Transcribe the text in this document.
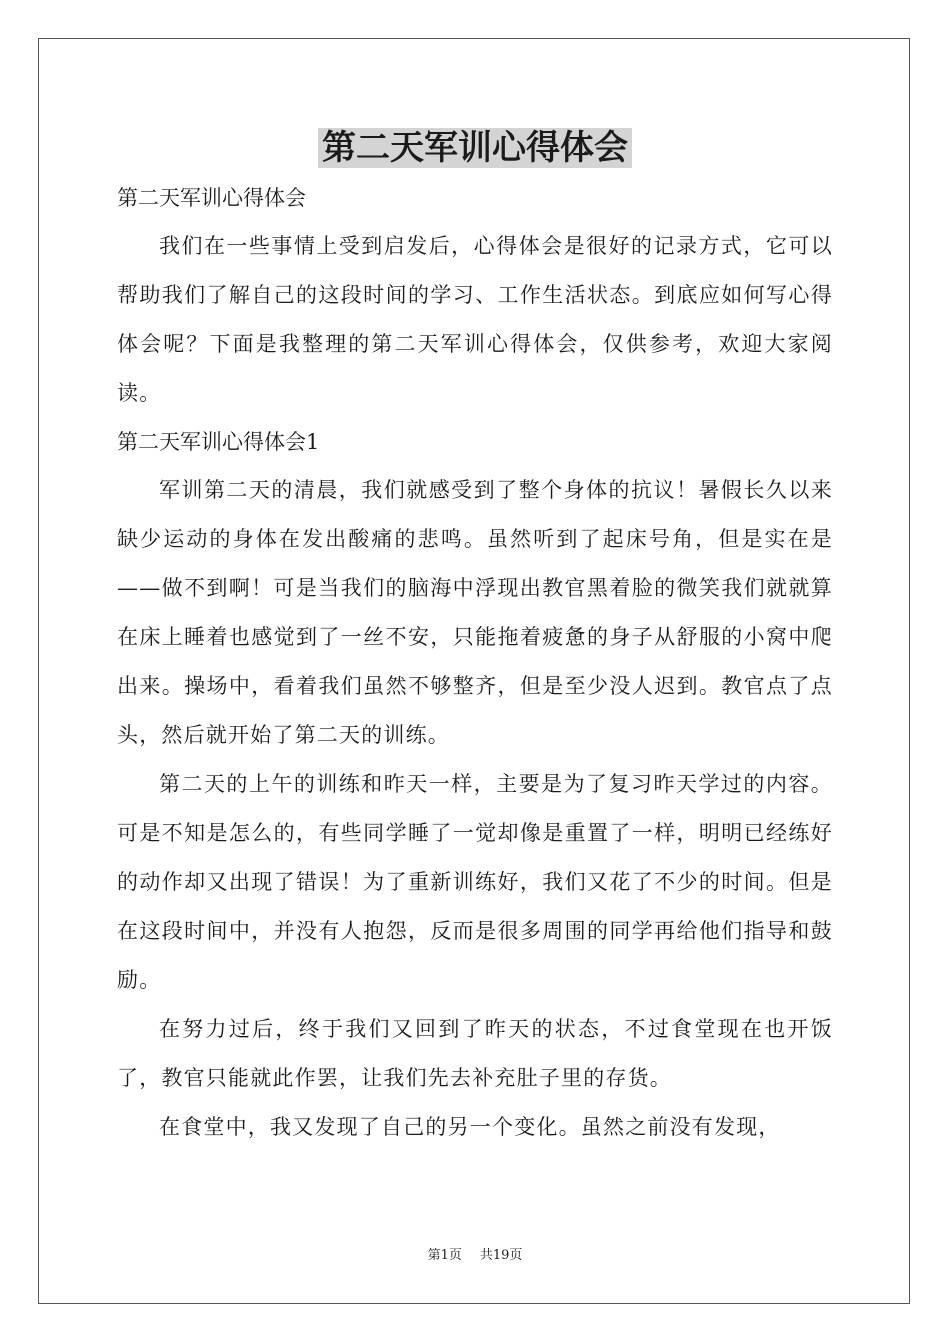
第二天军训心得体会

第二天军训心得体会

我们在一些事情上受到启发后，心得体会是很好的记录方式，它可以帮助我们了解自己的这段时间的学习、工作生活状态。到底应如何写心得体会呢？下面是我整理的第二天军训心得体会，仅供参考，欢迎大家阅读。

第二天军训心得体会1

军训第二天的清晨，我们就感受到了整个身体的抗议！暑假长久以来缺少运动的身体在发出酸痛的悲鸣。虽然听到了起床号角，但是实在是——做不到啊！可是当我们的脑海中浮现出教官黑着脸的微笑我们就就算在床上睡着也感觉到了一丝不安，只能拖着疲惫的身子从舒服的小窝中爬出来。操场中，看着我们虽然不够整齐，但是至少没人迟到。教官点了点头，然后就开始了第二天的训练。

第二天的上午的训练和昨天一样，主要是为了复习昨天学过的内容。可是不知是怎么的，有些同学睡了一觉却像是重置了一样，明明已经练好的动作却又出现了错误！为了重新训练好，我们又花了不少的时间。但是在这段时间中，并没有人抱怨，反而是很多周围的同学再给他们指导和鼓励。

在努力过后，终于我们又回到了昨天的状态，不过食堂现在也开饭了，教官只能就此作罢，让我们先去补充肚子里的存货。

在食堂中，我又发现了自己的另一个变化。虽然之前没有发现，

第1页 共19页
